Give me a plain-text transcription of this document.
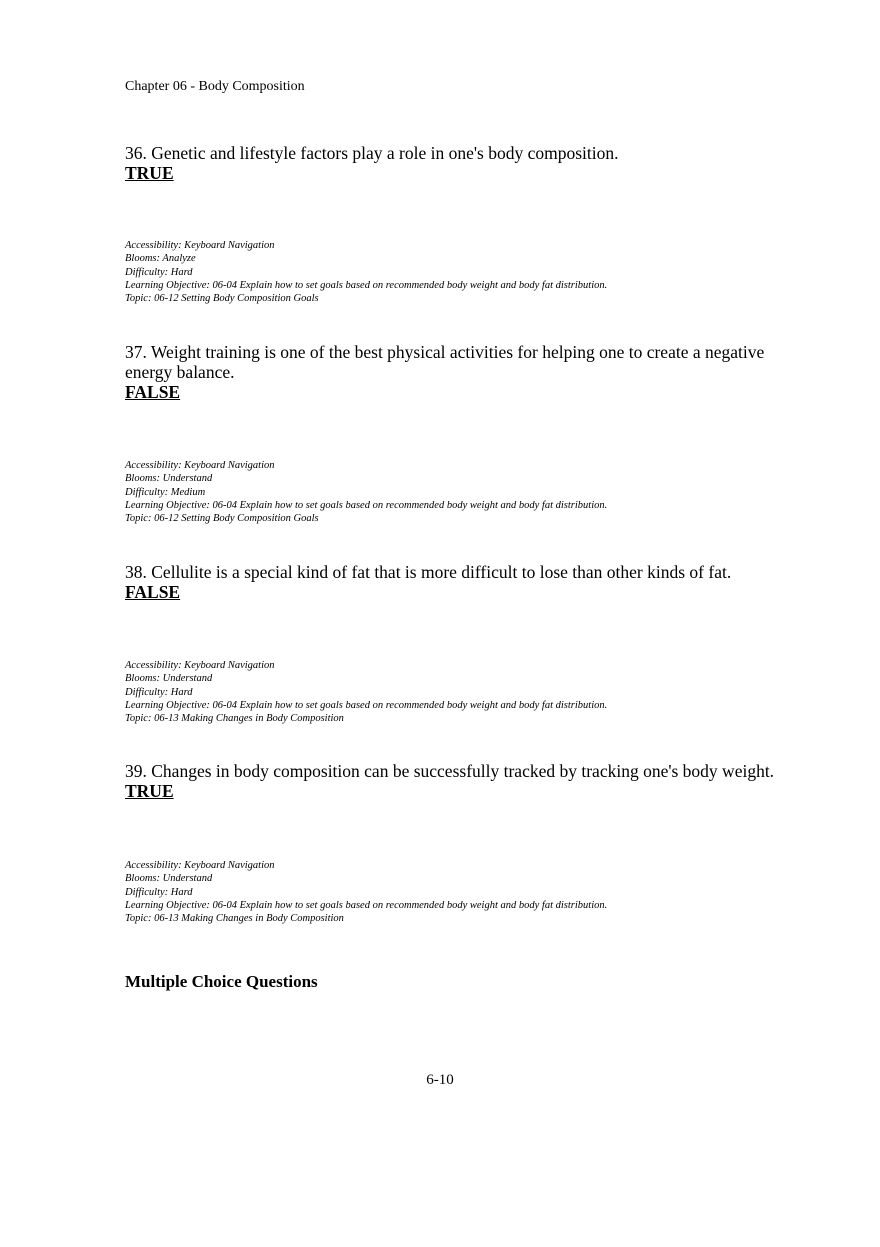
Chapter 06 - Body Composition

36. Genetic and lifestyle factors play a role in one's body composition.

TRUE

Accessibility: Keyboard Navigation
Blooms: Analyze
Difficulty: Hard
Learning Objective: 06-04 Explain how to set goals based on recommended body weight and body fat distribution.
Topic: 06-12 Setting Body Composition Goals

37. Weight training is one of the best physical activities for helping one to create a negative energy balance.

FALSE

Accessibility: Keyboard Navigation
Blooms: Understand
Difficulty: Medium
Learning Objective: 06-04 Explain how to set goals based on recommended body weight and body fat distribution.
Topic: 06-12 Setting Body Composition Goals

38. Cellulite is a special kind of fat that is more difficult to lose than other kinds of fat.

FALSE

Accessibility: Keyboard Navigation
Blooms: Understand
Difficulty: Hard
Learning Objective: 06-04 Explain how to set goals based on recommended body weight and body fat distribution.
Topic: 06-13 Making Changes in Body Composition

39. Changes in body composition can be successfully tracked by tracking one's body weight.

TRUE

Accessibility: Keyboard Navigation
Blooms: Understand
Difficulty: Hard
Learning Objective: 06-04 Explain how to set goals based on recommended body weight and body fat distribution.
Topic: 06-13 Making Changes in Body Composition
Multiple Choice Questions
6-10
